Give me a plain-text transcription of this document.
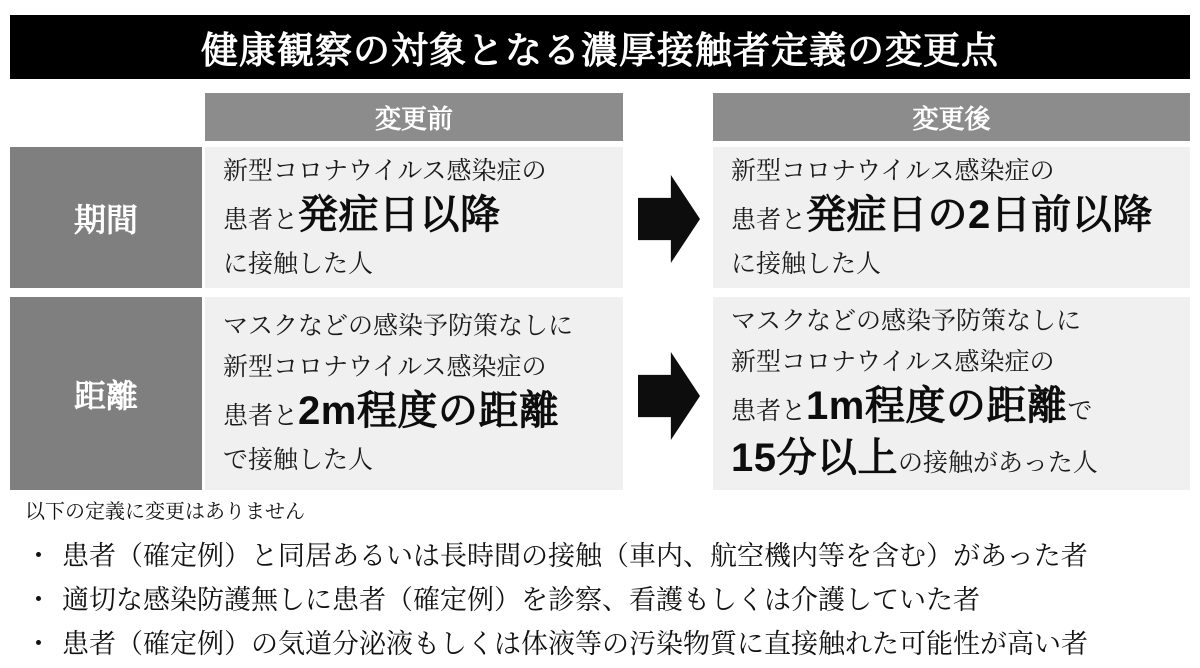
健康観察の対象となる濃厚接触者定義の変更点
変更前	変更後
期間
新型コロナウイルス感染症の
患者と発症日以降
に接触した人
新型コロナウイルス感染症の
患者と発症日の2日前以降
に接触した人
距離
マスクなどの感染予防策なしに
新型コロナウイルス感染症の
患者と2m程度の距離
で接触した人
マスクなどの感染予防策なしに
新型コロナウイルス感染症の
患者と1m程度の距離で
15分以上の接触があった人
以下の定義に変更はありません
・ 患者（確定例）と同居あるいは長時間の接触（車内、航空機内等を含む）があった者
・ 適切な感染防護無しに患者（確定例）を診察、看護もしくは介護していた者
・ 患者（確定例）の気道分泌液もしくは体液等の汚染物質に直接触れた可能性が高い者
